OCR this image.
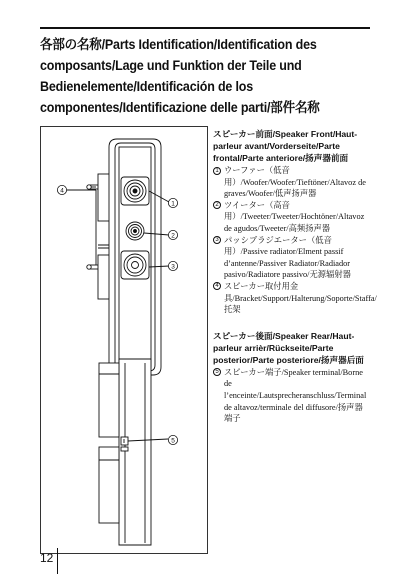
各部の名称/Parts Identification/Identification des composants/Lage und Funktion der Teile und Bedienelemente/Identificación de los componentes/Identificazione delle parti/部件名称
1
2
3
4
5
スピーカー前面/Speaker Front/Haut-parleur avant/Vorderseite/Parte frontal/Parte anteriore/扬声器前面
1 ウーファー（低音用）/Woofer/Woofer/Tieftöner/Altavoz de graves/Woofer/低声扬声器
2 ツイーター（高音用）/Tweeter/Tweeter/Hochtöner/Altavoz de agudos/Tweeter/高频扬声器
3 パッシブラジエーター（低音用）/Passive radiator/Elment passif d’antenne/Passiver Radiator/Radiador pasivo/Radiatore passivo/无源辐射器
4 スピーカー取付用金具/Bracket/Support/Halterung/Soporte/Staffa/托架
スピーカー後面/Speaker Rear/Haut-parleur arrièr/Rückseite/Parte posterior/Parte posteriore/扬声器后面
5 スピーカー端子/Speaker terminal/Borne de l’enceinte/Lautsprecheranschluss/Terminal de altavoz/terminale del diffusore/扬声器端子
12
